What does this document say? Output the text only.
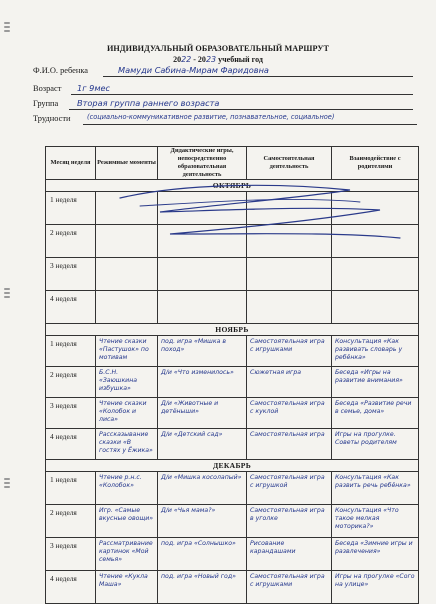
ИНДИВИДУАЛЬНЫЙ ОБРАЗОВАТЕЛЬНЫЙ МАРШРУТ
2022 - 2023 учебный год
Ф.И.О. ребенка	Мамуди Сабина-Мирам Фаридовна
Возраст 1г 9мес
Группа Вторая группа раннего возраста
Трудности (социально-коммуникативное развитие, познавательное, социальное)
Месяц неделя	Режимные моменты	Дидактические игры, непосредственно образовательная деятельность	Самостоятельная деятельность	Взаимодействие с родителями
ОКТЯБРЬ				
1 неделя				
2 неделя				
3 неделя				
4 неделя				
НОЯБРЬ				
1 неделя	Чтение сказки «Пастушок» по мотивам	под. игра «Мишка в поход»	Самостоятельная игра с игрушками	Консультация «Как развивать словарь у ребёнка»
2 неделя	Б.С.Н. «Заюшкина избушка»	Д/и «Что изменилось»	Сюжетная игра	Беседа «Игры на развитие внимания»
3 неделя	Чтение сказки «Колобок и лиса»	Д/и «Животные и детёныши»	Самостоятельная игра с куклой	Беседа «Развитие речи в семье, дома»
4 неделя	Рассказывание сказки «В гостях у Ёжика»	Д/и «Детский сад»	Самостоятельная игра	Игры на прогулке. Советы родителям
ДЕКАБРЬ				
1 неделя	Чтение р.н.с. «Колобок»	Д/и «Мишка косолапый»	Самостоятельная игра с игрушкой	Консультация «Как развить речь ребёнка»
2 неделя	Игр. «Самые вкусные овощи»	Д/и «Чья мама?»	Самостоятельная игра в уголке	Консультация «Что такое мелкая моторика?»
3 неделя	Рассматривание картинок «Мой семья»	под. игра «Солнышко»	Рисование карандашами	Беседа «Зимние игры и развлечения»
4 неделя	Чтение «Кукла Маша»	под. игра «Новый год»	Самостоятельная игра с игрушками	Игры на прогулке «Сого на улице»
